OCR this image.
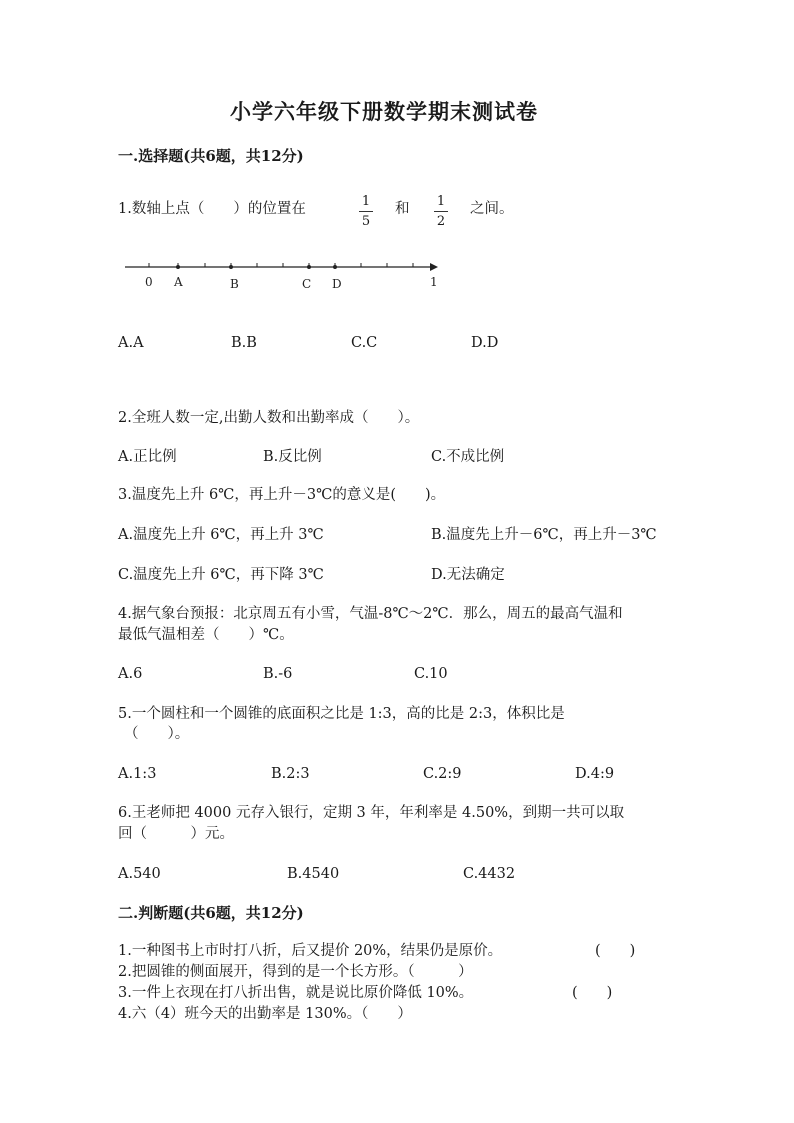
小学六年级下册数学期末测试卷
一.选择题(共6题，共12分)
1.数轴上点（　　）的位置在	1
5
和 1
2
之间。
0 A	B	C D	1
A.A	B.B	C.C	D.D
2.全班人数一定,出勤人数和出勤率成（　　）。
A.正比例	B.反比例	C.不成比例
3.温度先上升 6℃，再上升－3℃的意义是(　　)。
A.温度先上升 6℃，再上升 3℃	B.温度先上升－6℃，再上升－3℃
C.温度先上升 6℃，再下降 3℃	D.无法确定
4.据气象台预报：北京周五有小雪，气温-8℃～2℃．那么，周五的最高气温和
最低气温相差（　　）℃。
A.6	B.-6	C.10
5.一个圆柱和一个圆锥的底面积之比是 1:3，高的比是 2:3，体积比是
（　　）。
A.1:3	B.2:3	C.2:9	D.4:9
6.王老师把 4000 元存入银行，定期 3 年，年利率是 4.50%，到期一共可以取
回（　　　）元。
A.540	B.4540	C.4432
二.判断题(共6题，共12分)
1.一种图书上市时打八折，后又提价 20%，结果仍是原价。	(　　)
2.把圆锥的侧面展开，得到的是一个长方形。（　　　）
3.一件上衣现在打八折出售，就是说比原价降低 10%。	(　　)
4.六（4）班今天的出勤率是 130%。（　　）
